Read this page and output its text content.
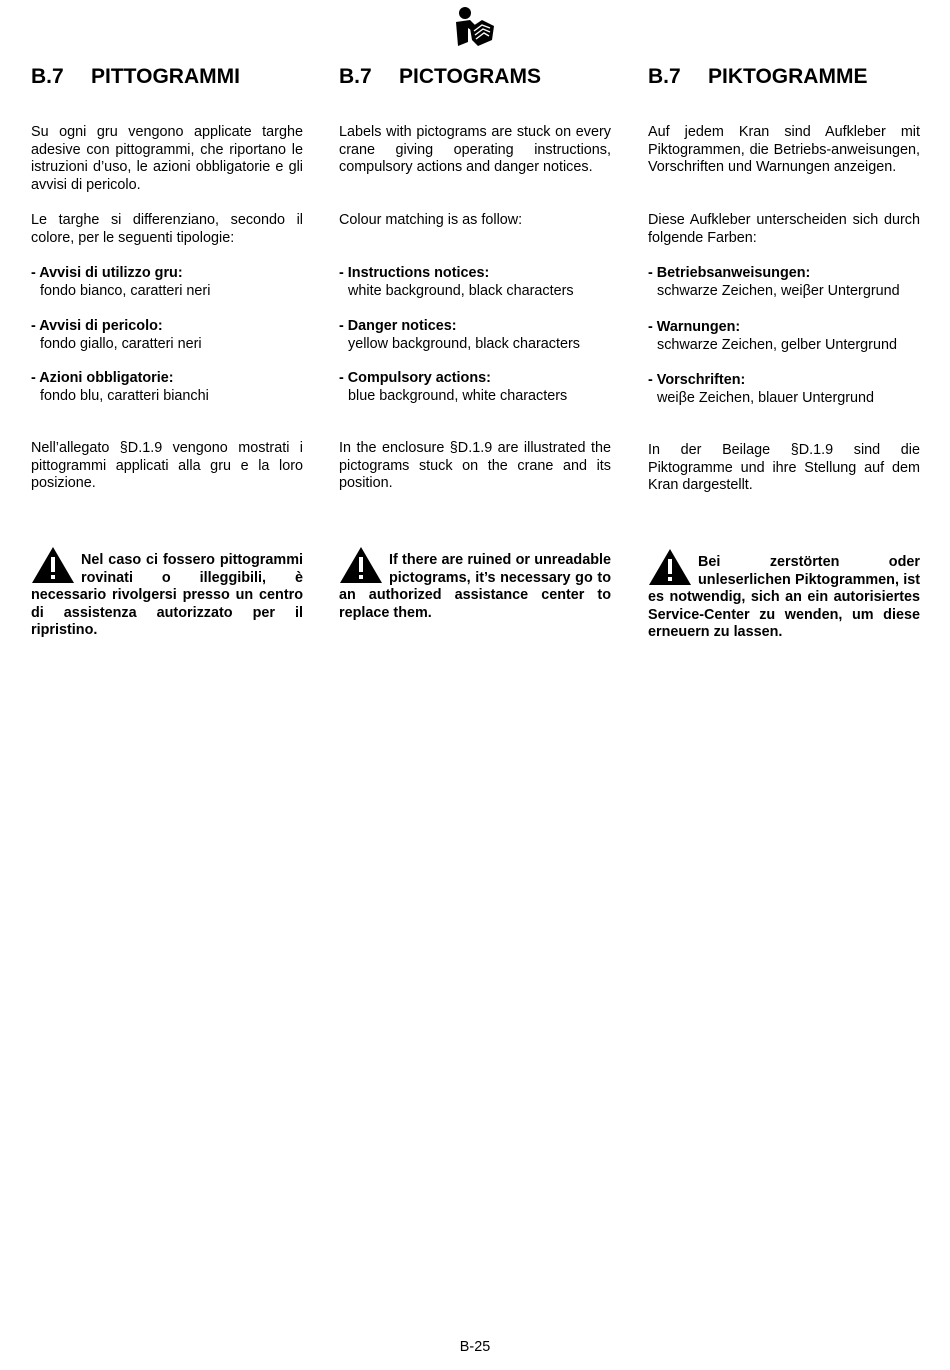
B.7 PITTOGRAMMI

Su ogni gru vengono applicate targhe adesive con pittogrammi, che riportano le istruzioni d’uso, le azioni obbligatorie e gli avvisi di pericolo.

Le targhe si differenziano, secondo il colore, per le seguenti tipologie:

- Avvisi di utilizzo gru:
fondo bianco, caratteri neri
- Avvisi di pericolo:
fondo giallo, caratteri neri
- Azioni obbligatorie:
fondo blu, caratteri bianchi

Nell’allegato §D.1.9 vengono mostrati i pittogrammi applicati alla gru e la loro posizione.

Nel caso ci fossero pittogrammi rovinati o illeggibili, è necessario rivolgersi presso un centro di assistenza autorizzato per il ripristino.
B.7 PICTOGRAMS

Labels with pictograms are stuck on every crane giving operating instructions, compulsory actions and danger notices.

Colour matching is as follow:

- Instructions notices:
white background, black characters
- Danger notices:
yellow background, black characters
- Compulsory actions:
blue background, white characters

In the enclosure §D.1.9 are illustrated the pictograms stuck on the crane and its position.

If there are ruined or unreadable pictograms, it’s necessary go to an authorized assistance center to replace them.
B.7 PIKTOGRAMME

Auf jedem Kran sind Aufkleber mit Piktogrammen, die Betriebs-anweisungen, Vorschriften und Warnungen anzeigen.

Diese Aufkleber unterscheiden sich durch folgende Farben:

- Betriebsanweisungen:
schwarze Zeichen, weiβer Untergrund
- Warnungen:
schwarze Zeichen, gelber Untergrund
- Vorschriften:
weiβe Zeichen, blauer Untergrund

In der Beilage §D.1.9 sind die Piktogramme und ihre Stellung auf dem Kran dargestellt.

Bei zerstörten oder unleserlichen Piktogrammen, ist es notwendig, sich an ein autorisiertes Service-Center zu wenden, um diese erneuern zu lassen.
B-25
